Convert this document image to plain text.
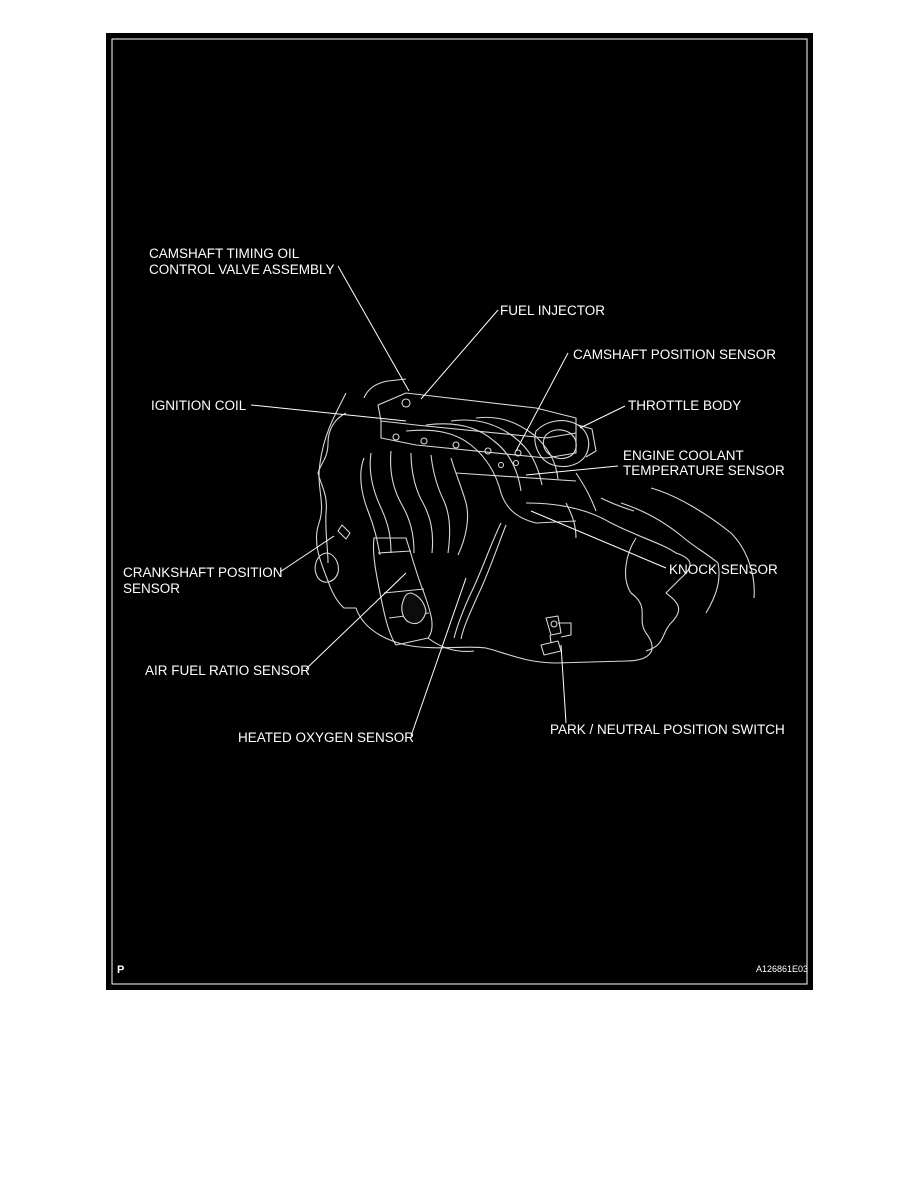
CAMSHAFT TIMING OIL
CONTROL VALVE ASSEMBLY
FUEL INJECTOR
CAMSHAFT POSITION SENSOR
IGNITION COIL	THROTTLE BODY
ENGINE COOLANT
TEMPERATURE SENSOR
CRANKSHAFT POSITION
SENSOR
KNOCK SENSOR
AIR FUEL RATIO SENSOR
HEATED OXYGEN SENSOR
PARK / NEUTRAL POSITION SWITCH
P	A126861E03
